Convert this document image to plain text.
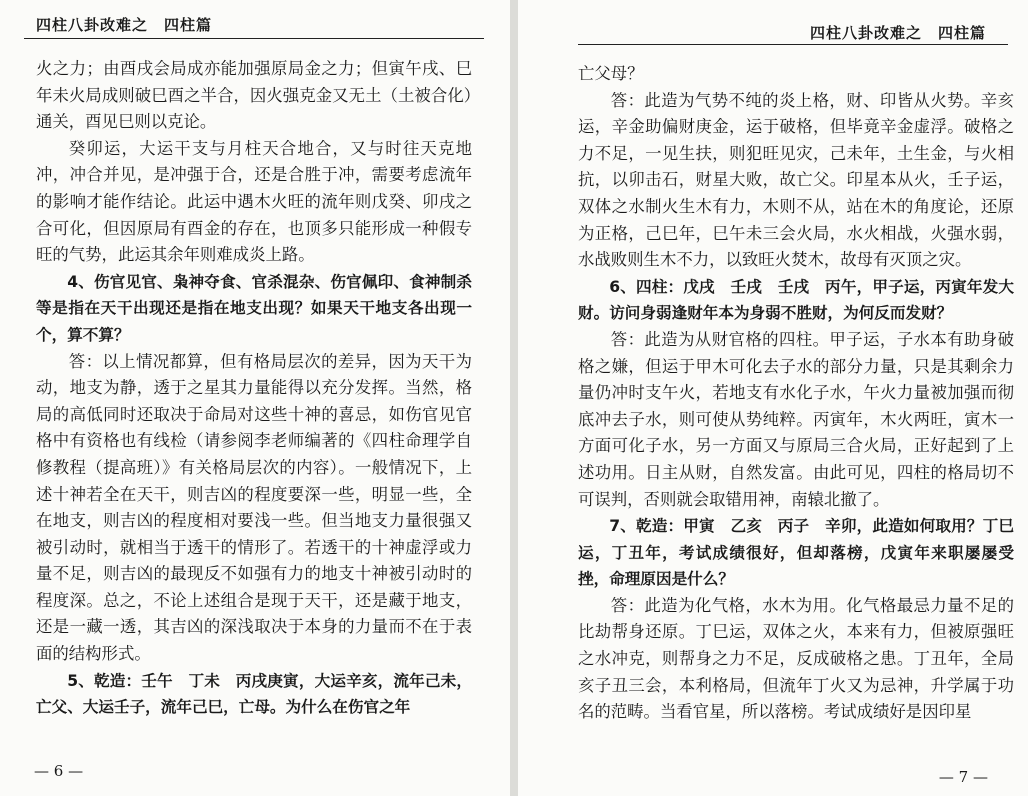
四柱八卦改难之　四柱篇

火之力；由酉戌会局成亦能加强原局金之力；但寅午戌、巳年未火局成则破巳酉之半合，因火强克金又无土（土被合化）通关，酉见巳则以克论。

癸卯运，大运干支与月柱天合地合，又与时往天克地冲，冲合并见，是冲强于合，还是合胜于冲，需要考虑流年的影响才能作结论。此运中遇木火旺的流年则戊癸、卯戌之合可化，但因原局有酉金的存在，也顶多只能形成一种假专旺的气势，此运其余年则难成炎上路。

4、伤官见官、枭神夺食、官杀混杂、伤官佩印、食神制杀等是指在天干出现还是指在地支出现？如果天干地支各出现一个，算不算？

答：以上情况都算，但有格局层次的差异，因为天干为动，地支为静，透于之星其力量能得以充分发挥。当然，格局的高低同时还取决于命局对这些十神的喜忌，如伤官见官格中有资格也有线检（请参阅李老师编著的《四柱命理学自修教程（提高班）》有关格局层次的内容）。一般情况下，上述十神若全在天干，则吉凶的程度要深一些，明显一些，全在地支，则吉凶的程度相对要浅一些。但当地支力量很强又被引动时，就相当于透干的情形了。若透干的十神虚浮或力量不足，则吉凶的最现反不如强有力的地支十神被引动时的程度深。总之，不论上述组合是现于天干，还是藏于地支，还是一藏一透，其吉凶的深浅取决于本身的力量而不在于表面的结构形式。

5、乾造：壬午　丁未　丙戌庚寅，大运辛亥，流年己未，亡父、大运壬子，流年己巳，亡母。为什么在伤官之年

— 6 —
四柱八卦改难之　四柱篇

亡父母？

答：此造为气势不纯的炎上格，财、印皆从火势。辛亥运，辛金助偏财庚金，运于破格，但毕竟辛金虚浮。破格之力不足，一见生扶，则犯旺见灾，己未年，土生金，与火相抗，以卯击石，财星大败，故亡父。印星本从火，壬子运，双体之水制火生木有力，木则不从，站在木的角度论，还原为正格，己巳年，巳午未三会火局，水火相战，火强水弱，水战败则生木不力，以致旺火焚木，故母有灭顶之灾。

6、四柱：戊戌　壬戌　壬戌　丙午，甲子运，丙寅年发大财。访问身弱逢财年本为身弱不胜财，为何反而发财？

答：此造为从财官格的四柱。甲子运，子水本有助身破格之嫌，但运于甲木可化去子水的部分力量，只是其剩余力量仍冲时支午火，若地支有水化子水，午火力量被加强而彻底冲去子水，则可使从势纯粹。丙寅年，木火两旺，寅木一方面可化子水，另一方面又与原局三合火局，正好起到了上述功用。日主从财，自然发富。由此可见，四柱的格局切不可误判，否则就会取错用神，南辕北撤了。

7、乾造：甲寅　乙亥　丙子　辛卯，此造如何取用？丁巳运，丁丑年，考试成绩很好，但却落榜，戊寅年来职屡屡受挫，命理原因是什么？

答：此造为化气格，水木为用。化气格最忌力量不足的比劫帮身还原。丁巳运，双体之火，本来有力，但被原强旺之水冲克，则帮身之力不足，反成破格之患。丁丑年，全局亥子丑三会，本利格局，但流年丁火又为忌神，升学属于功名的范畴。当看官星，所以落榜。考试成绩好是因印星

— 7 —
